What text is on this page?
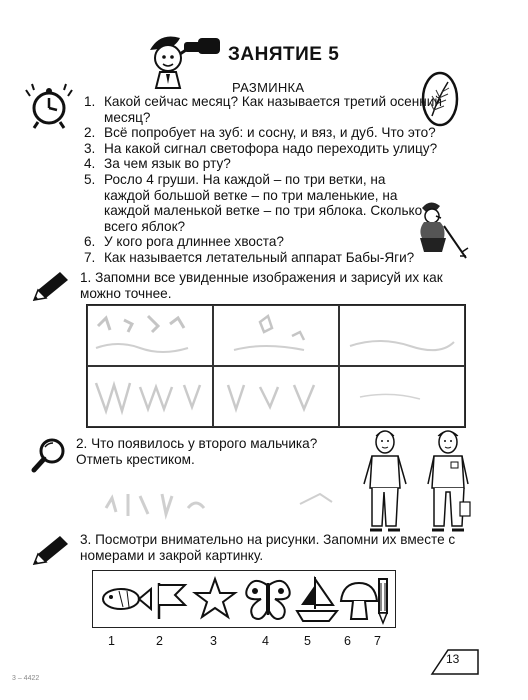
ЗАНЯТИЕ 5
РАЗМИНКА
1. Какой сейчас месяц? Как называется третий осенний месяц?
2. Всё попробует на зуб: и сосну, и вяз, и дуб. Что это?
3. На какой сигнал светофора надо переходить улицу?
4. За чем язык во рту?
5. Росло 4 груши. На каждой – по три ветки, на каждой большой ветке – по три маленькие, на каждой маленькой ветке – по три яблока. Сколько всего яблок?
6. У кого рога длиннее хвоста?
7. Как называется летательный аппарат Бабы-Яги?
1. Запомни все увиденные изображения и зарисуй их как можно точнее.
2. Что появилось у второго мальчика? Отметь крестиком.
3. Посмотри внимательно на рисунки. Запомни их вместе с номерами и закрой картинку.
1	2	3	4	5	6 7
3 – 4422
13
